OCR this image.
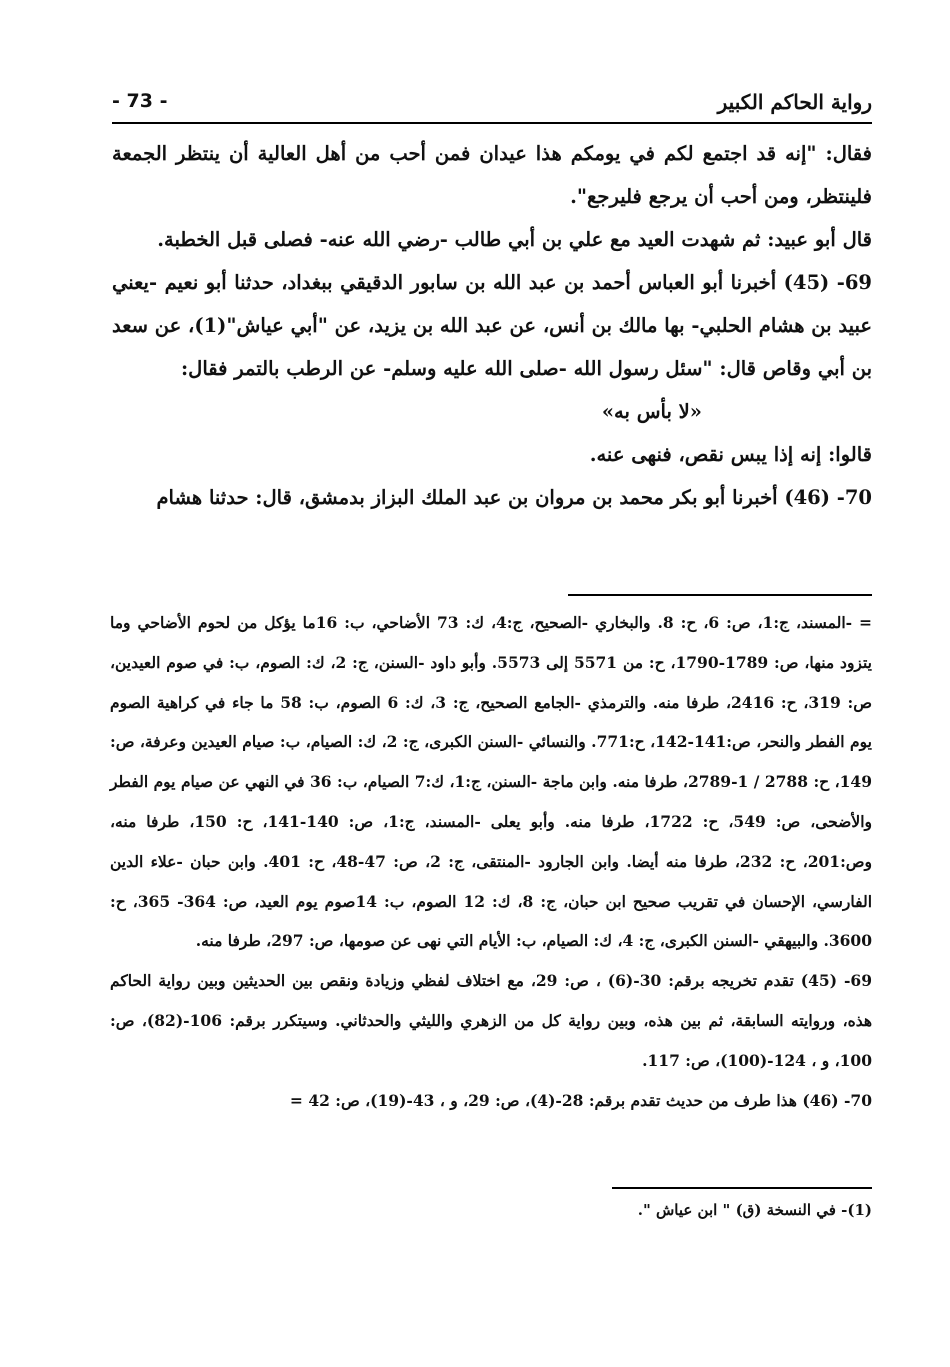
رواية الحاكم الكبير
- 73 -

فقال: "إنه قد اجتمع لكم في يومكم هذا عيدان فمن أحب من أهل العالية أن ينتظر الجمعة فلينتظر، ومن أحب أن يرجع فليرجع".

قال أبو عبيد: ثم شهدت العيد مع علي بن أبي طالب -رضي الله عنه- فصلى قبل الخطبة.

69- (45) أخبرنا أبو العباس أحمد بن عبد الله بن سابور الدقيقي ببغداد، حدثنا أبو نعيم -يعني عبيد بن هشام الحلبي- بها مالك بن أنس، عن عبد الله بن يزيد، عن "أبي عياش"(1)، عن سعد بن أبي وقاص قال: "سئل رسول الله -صلى الله عليه وسلم- عن الرطب بالتمر فقال:

«لا بأس به»

قالوا: إنه إذا يبس نقص، فنهى عنه.

70- (46) أخبرنا أبو بكر محمد بن مروان بن عبد الملك البزاز بدمشق، قال: حدثنا هشام

= -المسند، ج:1، ص: 6، ح: 8. والبخاري -الصحيح، ج:4، ك: 73 الأضاحي، ب: 16ما يؤكل من لحوم الأضاحي وما يتزود منها، ص: 1789-1790، ح: من 5571 إلى 5573. وأبو داود -السنن، ج: 2، ك: الصوم، ب: في صوم العيدين، ص: 319، ح: 2416، طرفا منه. والترمذي -الجامع الصحيح، ج: 3، ك: 6 الصوم، ب: 58 ما جاء في كراهية الصوم يوم الفطر والنحر، ص:141-142، ح:771. والنسائي -السنن الكبرى، ج: 2، ك: الصيام، ب: صيام العيدين وعرفة، ص: 149، ح: 2788 / 1-2789، طرفا منه. وابن ماجة -السنن، ج:1، ك:7 الصيام، ب: 36 في النهي عن صيام يوم الفطر والأضحى، ص: 549، ح: 1722، طرفا منه. وأبو يعلى -المسند، ج:1، ص: 140-141، ح: 150، طرفا منه، وص:201، ح: 232، طرفا منه أيضا. وابن الجارود -المنتقى، ج: 2، ص: 47-48، ح: 401. وابن حبان -علاء الدين الفارسي، الإحسان في تقريب صحيح ابن حبان، ج: 8، ك: 12 الصوم، ب: 14صوم يوم العيد، ص: 364- 365، ح: 3600. والبيهقي -السنن الكبرى، ج: 4، ك: الصيام، ب: الأيام التي نهى عن صومها، ص: 297، طرفا منه.

69- (45) تقدم تخريجه برقم: 30-(6) ، ص: 29، مع اختلاف لفظي وزيادة ونقص بين الحديثين وبين رواية الحاكم هذه، وروايته السابقة، ثم بين هذه، وبين رواية كل من الزهري والليثي والحدثاني. وسيتكرر برقم: 106-(82)، ص: 100، و ، 124-(100)، ص: 117.

70- (46) هذا طرف من حديث تقدم برقم: 28-(4)، ص: 29، و ، 43-(19)، ص: 42 =

(1)- في النسخة (ق) " ابن عياش ".
